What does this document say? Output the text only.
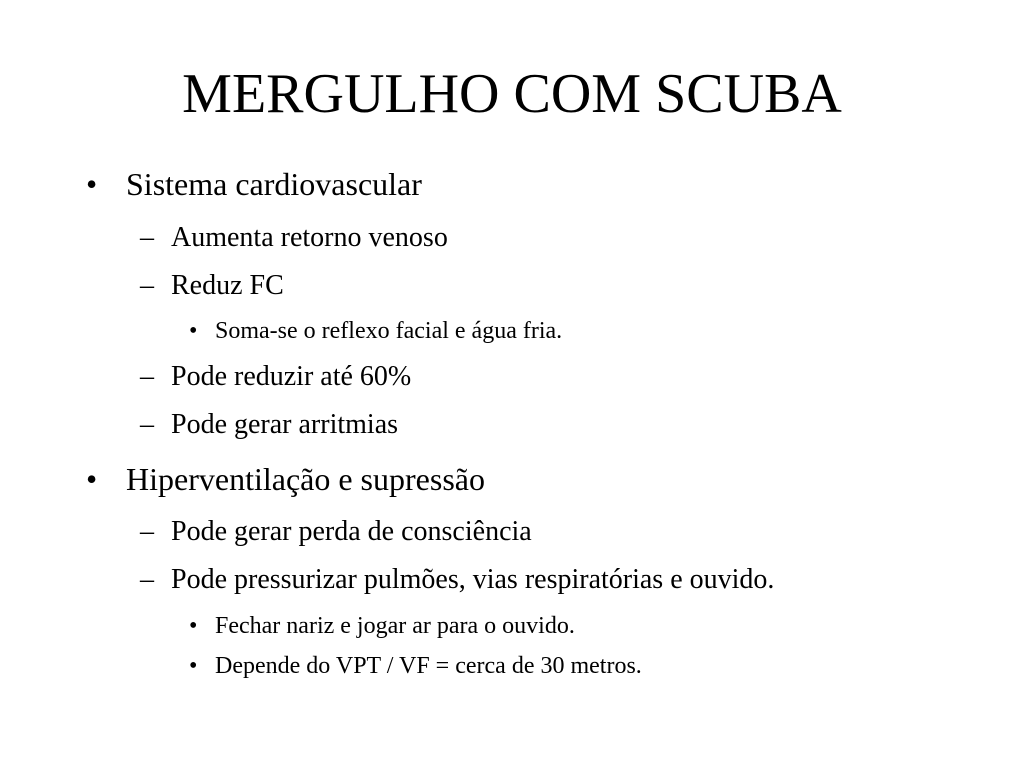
MERGULHO COM SCUBA
• Sistema cardiovascular
– Aumenta retorno venoso
– Reduz FC
• Soma-se o reflexo facial e água fria.
– Pode reduzir até 60%
– Pode gerar arritmias
• Hiperventilação e supressão
– Pode gerar perda de consciência
– Pode pressurizar pulmões, vias respiratórias e ouvido.
• Fechar nariz e jogar ar para o ouvido.
• Depende do VPT / VF = cerca de 30 metros.
